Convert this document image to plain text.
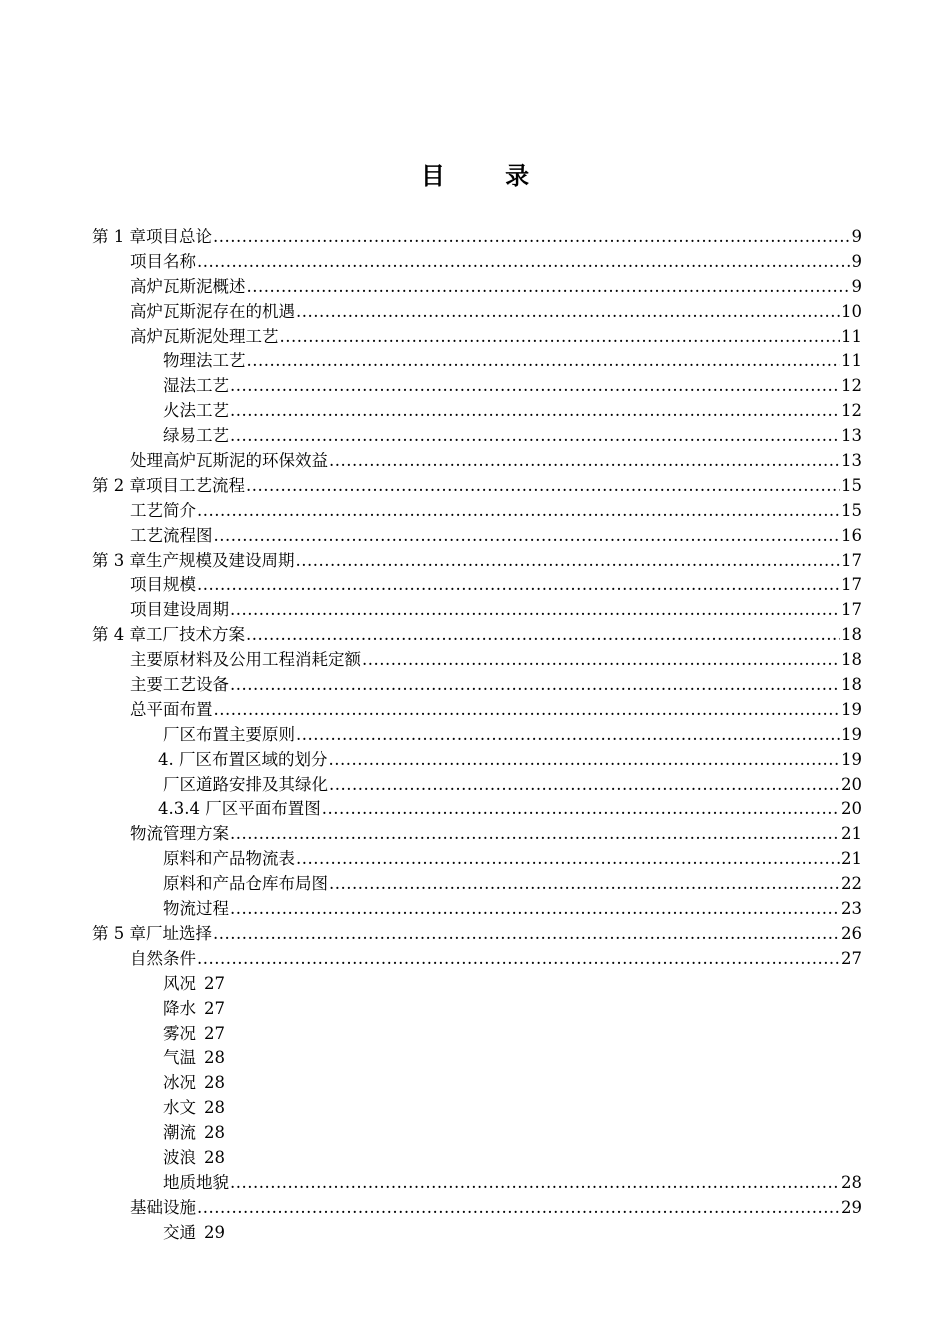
目 录
第 1 章 项目总论 .....	9
项目名称 .....	9
高炉瓦斯泥概述 .....	9
高炉瓦斯泥存在的机遇 .....	10
高炉瓦斯泥处理工艺 .....	11
物理法工艺 .....	11
湿法工艺 .....	12
火法工艺 .....	12
绿易工艺 .....	13
处理高炉瓦斯泥的环保效益 .....	13
第 2 章 项目工艺流程 .....	15
工艺简介 .....	15
工艺流程图 .....	16
第 3 章 生产规模及建设周期 .....	17
项目规模 .....	17
项目建设周期 .....	17
第 4 章 工厂技术方案 .....	18
主要原材料及公用工程消耗定额 .....	18
主要工艺设备 .....	18
总平面布置 .....	19
厂区布置主要原则 .....	19
4. 厂区布置区域的划分 .....	19
厂区道路安排及其绿化 .....	20
4.3.4 厂区平面布置图 .....	20
物流管理方案 .....	21
原料和产品物流表 .....	21
原料和产品仓库布局图 .....	22
物流过程 .....	23
第 5 章 厂址选择 .....	26
自然条件 .....	27
风况 27
降水 27
雾况 27
气温 28
冰况 28
水文 28
潮流 28
波浪 28
地质地貌 .....	28
基础设施 .....	29
交通 29
